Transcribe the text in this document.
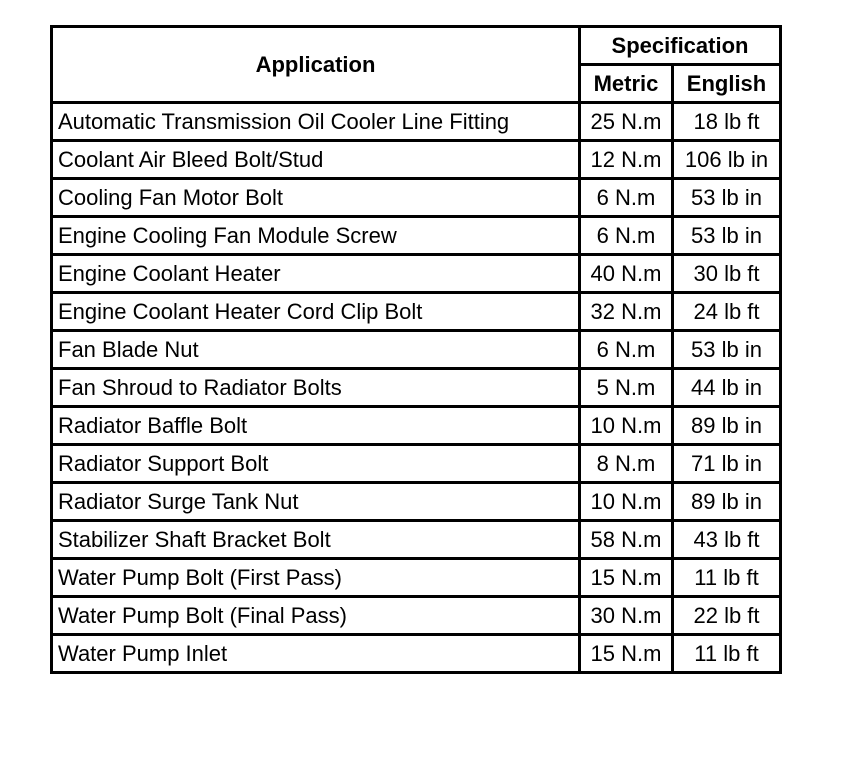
Application	Specification	
	Metric	English
Automatic Transmission Oil Cooler Line Fitting	25 N.m	18 lb ft
Coolant Air Bleed Bolt/Stud	12 N.m	106 lb in
Cooling Fan Motor Bolt	6 N.m	53 lb in
Engine Cooling Fan Module Screw	6 N.m	53 lb in
Engine Coolant Heater	40 N.m	30 lb ft
Engine Coolant Heater Cord Clip Bolt	32 N.m	24 lb ft
Fan Blade Nut	6 N.m	53 lb in
Fan Shroud to Radiator Bolts	5 N.m	44 lb in
Radiator Baffle Bolt	10 N.m	89 lb in
Radiator Support Bolt	8 N.m	71 lb in
Radiator Surge Tank Nut	10 N.m	89 lb in
Stabilizer Shaft Bracket Bolt	58 N.m	43 lb ft
Water Pump Bolt (First Pass)	15 N.m	11 lb ft
Water Pump Bolt (Final Pass)	30 N.m	22 lb ft
Water Pump Inlet	15 N.m	11 lb ft
